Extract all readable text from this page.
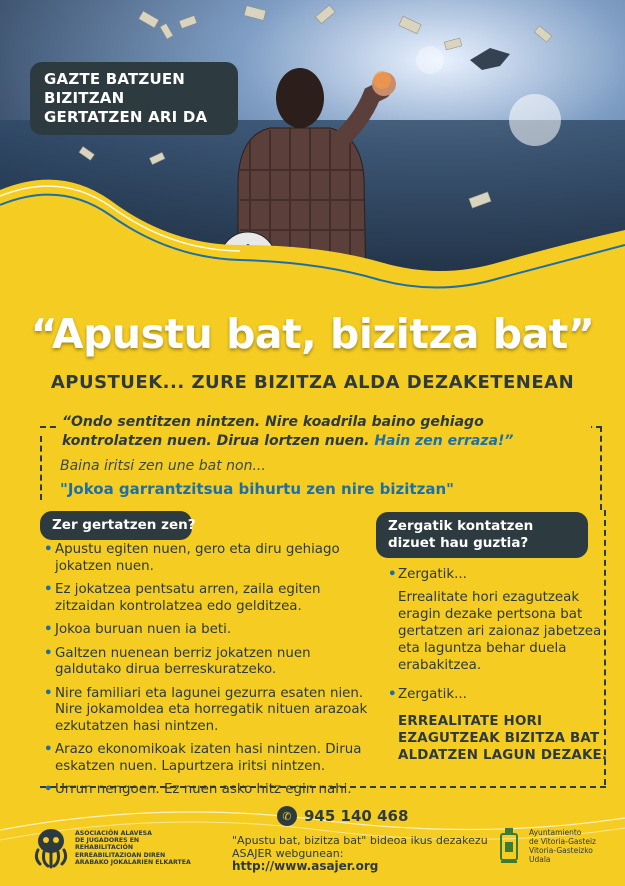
GAZTE BATZUEN
BIZITZAN
GERTATZEN ARI DA
“Apustu bat, bizitza bat”
APUSTUEK... ZURE BIZITZA ALDA DEZAKETENEAN
“Ondo sentitzen nintzen. Nire koadrila baino gehiago kontrolatzen nuen. Dirua lortzen nuen. Hain zen erraza!”
Baina iritsi zen une bat non...
"Jokoa garrantzitsua bihurtu zen nire bizitzan"
Zer gertatzen zen?	Zergatik kontatzen dizuet hau guztia?
• Apustu egiten nuen, gero eta diru gehiago jokatzen nuen.
• Ez jokatzea pentsatu arren, zaila egiten zitzaidan kontrolatzea edo gelditzea.
• Jokoa buruan nuen ia beti.
• Galtzen nuenean berriz jokatzen nuen galdutako dirua berreskuratzeko.
• Nire familiari eta lagunei gezurra esaten nien. Nire jokamoldea eta horregatik nituen arazoak ezkutatzen hasi nintzen.
• Arazo ekonomikoak izaten hasi nintzen. Dirua eskatzen nuen. Lapurtzera iritsi nintzen.
• Urrun nengoen. Ez nuen asko hitz egin nahi.
• Zergatik...
Errealitate hori ezagutzeak eragin dezake pertsona bat gertatzen ari zaionaz jabetzea eta laguntza behar duela erabakitzea.
• Zergatik...
ERREALITATE HORI EZAGUTZEAK BIZITZA BAT ALDATZEN LAGUN DEZAKE.
✆ 945 140 468
"Apustu bat, bizitza bat" bideoa ikus dezakezu
ASAJER webgunean:
http://www.asajer.org
ASOCIACIÓN ALAVESA
DE JUGADORES EN
REHABILITACIÓN
ERREABILITAZIOAN DIREN
ARABAKO JOKALARIEN ELKARTEA
Ayuntamiento
de Vitoria-Gasteiz
Vitoria-Gasteizko
Udala
